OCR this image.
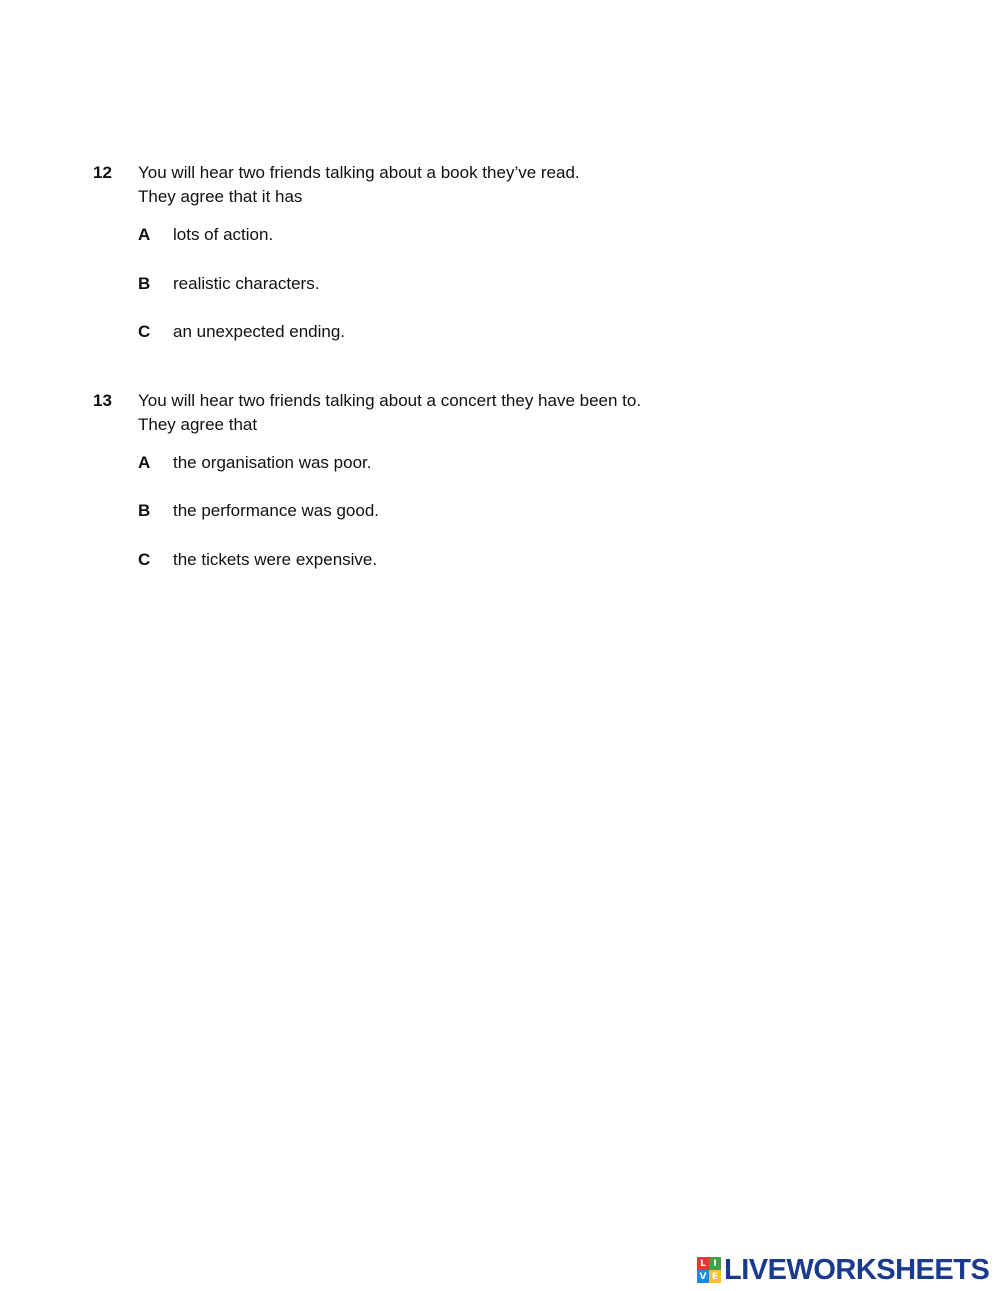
12 You will hear two friends talking about a book they’ve read.
They agree that it has
A lots of action.
B realistic characters.
C an unexpected ending.
13 You will hear two friends talking about a concert they have been to.
They agree that
A the organisation was poor.
B the performance was good.
C the tickets were expensive.
L I
V E LIVEWORKSHEETS
